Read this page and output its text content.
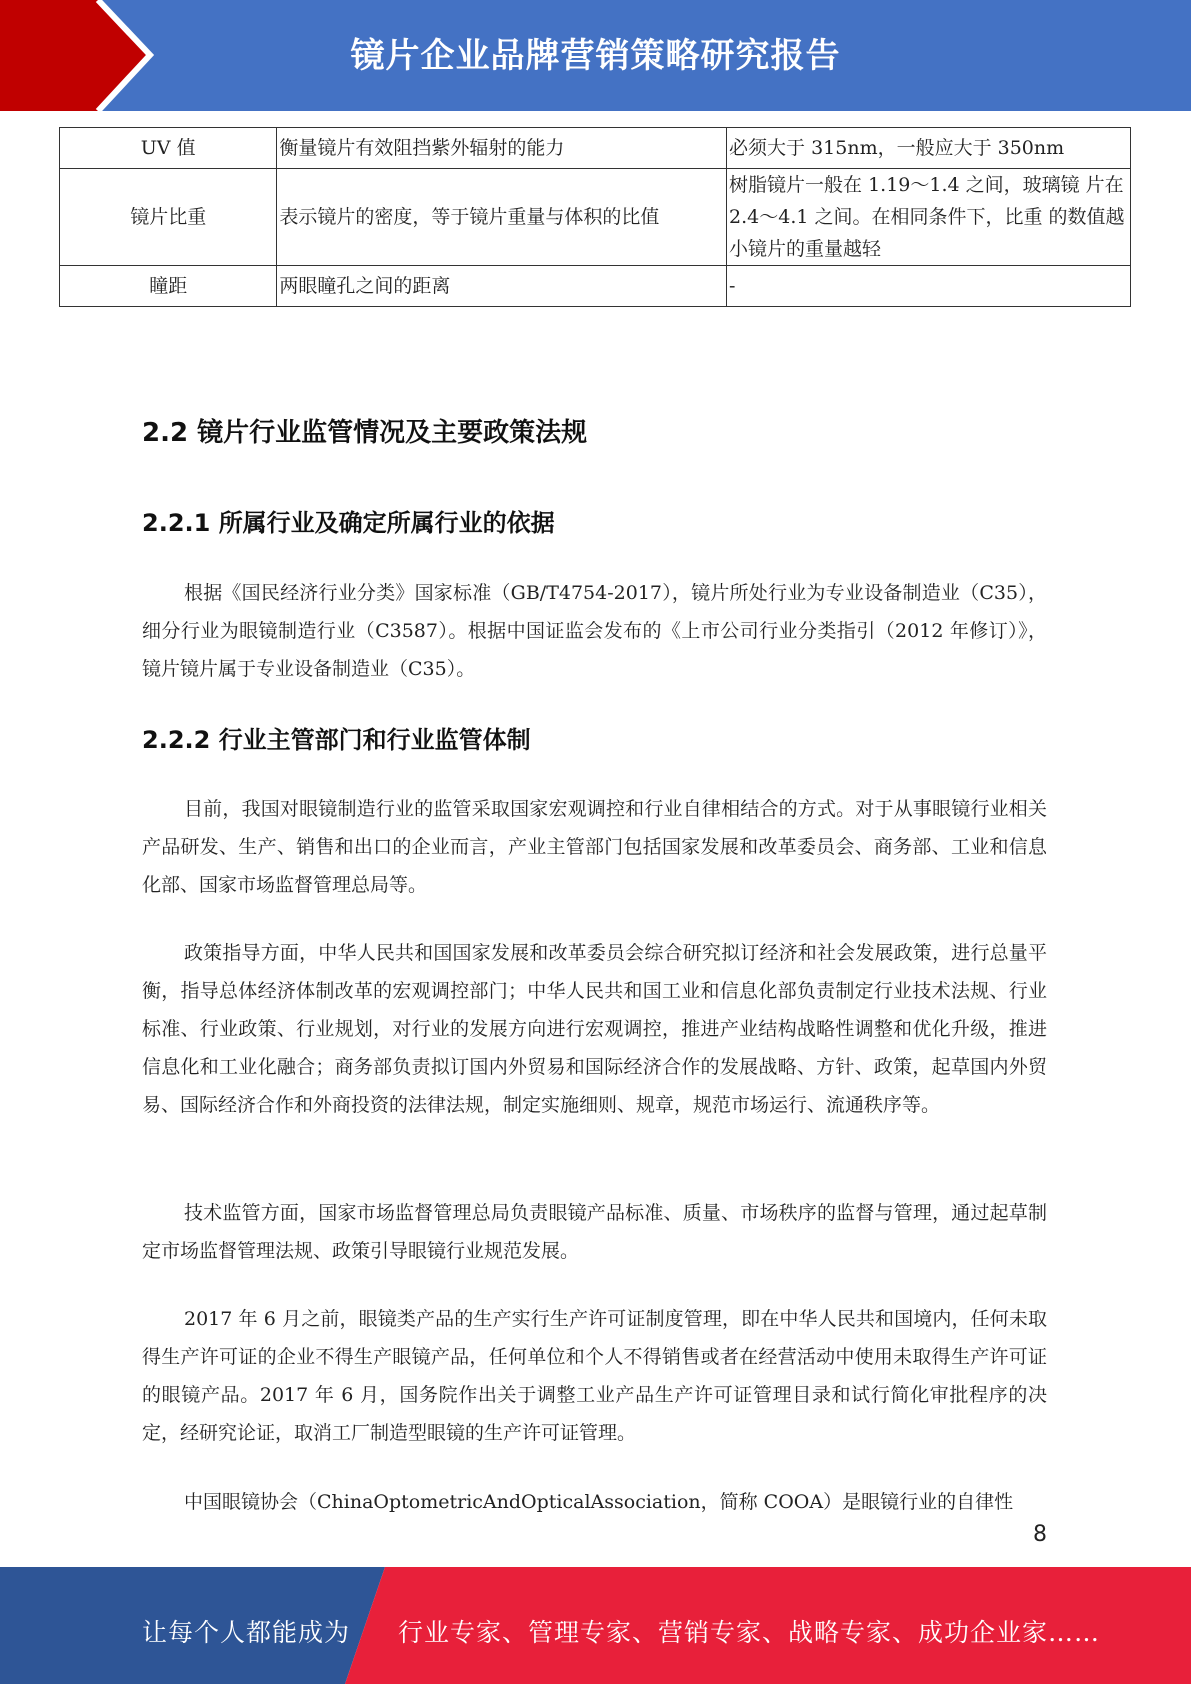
镜片企业品牌营销策略研究报告
UV 值	衡量镜片有效阻挡紫外辐射的能力	必须大于 315nm，一般应大于 350nm
镜片比重	表示镜片的密度，等于镜片重量与体积的比值	树脂镜片一般在 1.19～1.4 之间，玻璃镜 片在 2.4～4.1 之间。在相同条件下，比重 的数值越小镜片的重量越轻
瞳距	两眼瞳孔之间的距离	-
2.2 镜片行业监管情况及主要政策法规
2.2.1 所属行业及确定所属行业的依据

根据《国民经济行业分类》国家标准（GB/T4754-2017），镜片所处行业为专业设备制造业（C35），细分行业为眼镜制造行业（C3587）。根据中国证监会发布的《上市公司行业分类指引（2012 年修订）》，镜片镜片属于专业设备制造业（C35）。

2.2.2 行业主管部门和行业监管体制

目前，我国对眼镜制造行业的监管采取国家宏观调控和行业自律相结合的方式。对于从事眼镜行业相关产品研发、生产、销售和出口的企业而言，产业主管部门包括国家发展和改革委员会、商务部、工业和信息化部、国家市场监督管理总局等。

政策指导方面，中华人民共和国国家发展和改革委员会综合研究拟订经济和社会发展政策，进行总量平衡，指导总体经济体制改革的宏观调控部门；中华人民共和国工业和信息化部负责制定行业技术法规、行业标准、行业政策、行业规划，对行业的发展方向进行宏观调控，推进产业结构战略性调整和优化升级，推进信息化和工业化融合；商务部负责拟订国内外贸易和国际经济合作的发展战略、方针、政策，起草国内外贸易、国际经济合作和外商投资的法律法规，制定实施细则、规章，规范市场运行、流通秩序等。

技术监管方面，国家市场监督管理总局负责眼镜产品标准、质量、市场秩序的监督与管理，通过起草制定市场监督管理法规、政策引导眼镜行业规范发展。

2017 年 6 月之前，眼镜类产品的生产实行生产许可证制度管理，即在中华人民共和国境内，任何未取得生产许可证的企业不得生产眼镜产品，任何单位和个人不得销售或者在经营活动中使用未取得生产许可证的眼镜产品。2017 年 6 月，国务院作出关于调整工业产品生产许可证管理目录和试行简化审批程序的决定，经研究论证，取消工厂制造型眼镜的生产许可证管理。

中国眼镜协会（ChinaOptometricAndOpticalAssociation，简称 COOA）是眼镜行业的自律性

8
让每个人都能成为 行业专家、管理专家、营销专家、战略专家、成功企业家……
